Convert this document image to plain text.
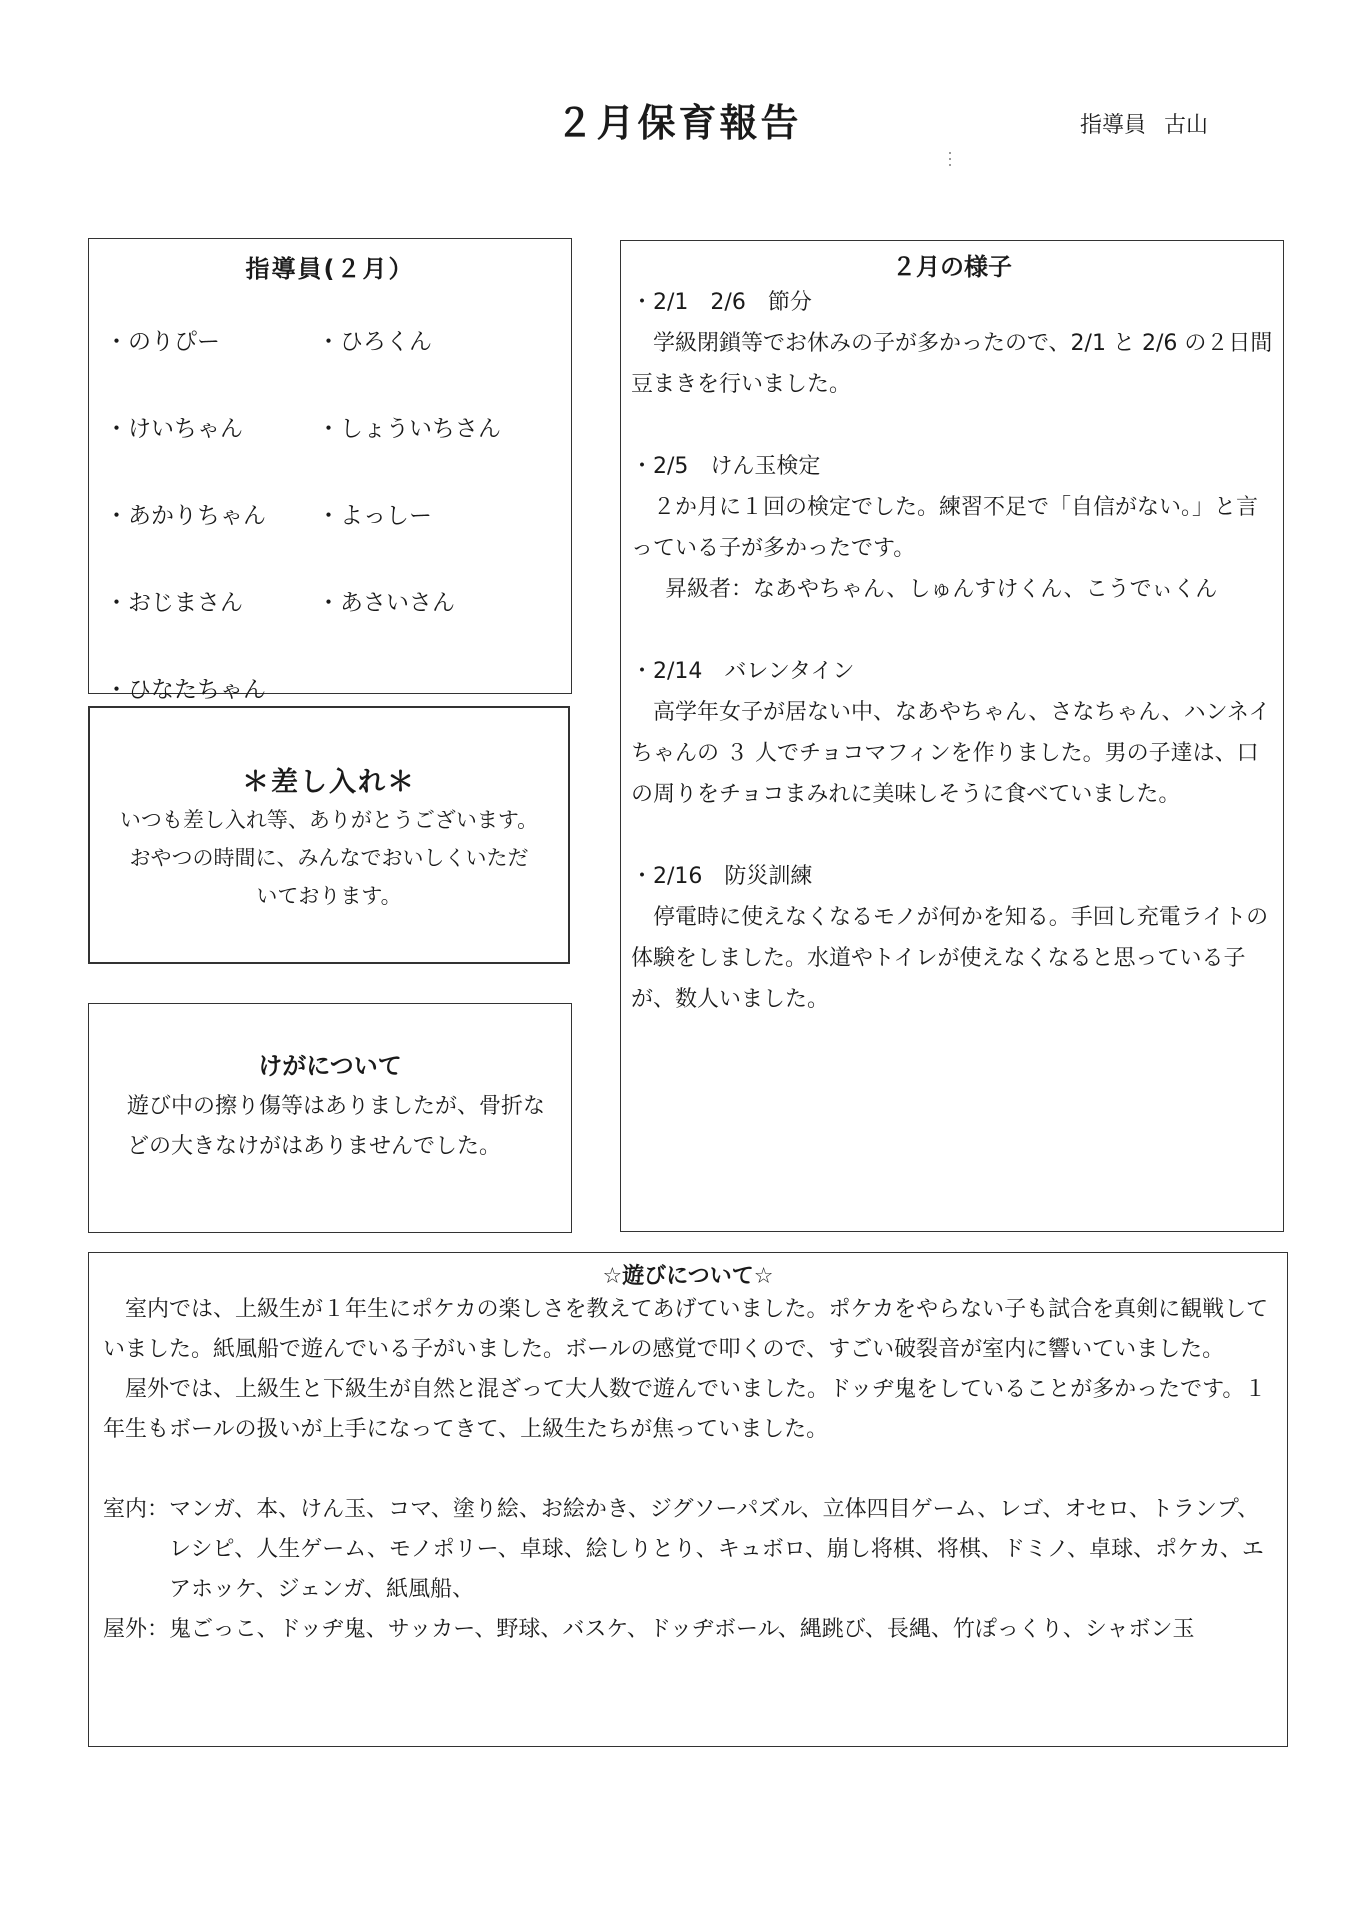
２月保育報告	指導員 古山
指導員(２月）
・のりぴー	・ひろくん
・けいちゃん	・しょういちさん
・あかりちゃん	・よっしー
・おじまさん	・あさいさん
・ひなたちゃん
＊差し入れ＊
いつも差し入れ等、ありがとうございます。
おやつの時間に、みんなでおいしくいただ
いております。
けがについて
遊び中の擦り傷等はありましたが、骨折などの大きなけがはありませんでした。
２月の様子
・2/1　2/6　節分
学級閉鎖等でお休みの子が多かったので、2/1 と 2/6 の２日間豆まきを行いました。
・2/5　けん玉検定
２か月に１回の検定でした。練習不足で「自信がない。」と言っている子が多かったです。
昇級者：なあやちゃん、しゅんすけくん、こうでぃくん
・2/14　バレンタイン
高学年女子が居ない中、なあやちゃん、さなちゃん、ハンネイちゃんの ３ 人でチョコマフィンを作りました。男の子達は、口の周りをチョコまみれに美味しそうに食べていました。
・2/16　防災訓練
停電時に使えなくなるモノが何かを知る。手回し充電ライトの体験をしました。水道やトイレが使えなくなると思っている子が、数人いました。
☆遊びについて☆
室内では、上級生が１年生にポケカの楽しさを教えてあげていました。ポケカをやらない子も試合を真剣に観戦していました。紙風船で遊んでいる子がいました。ボールの感覚で叩くので、すごい破裂音が室内に響いていました。
屋外では、上級生と下級生が自然と混ざって大人数で遊んでいました。ドッヂ鬼をしていることが多かったです。１年生もボールの扱いが上手になってきて、上級生たちが焦っていました。
室内： マンガ、本、けん玉、コマ、塗り絵、お絵かき、ジグソーパズル、立体四目ゲーム、レゴ、オセロ、トランプ、レシピ、人生ゲーム、モノポリー、卓球、絵しりとり、キュボロ、崩し将棋、将棋、ドミノ、卓球、ポケカ、エアホッケ、ジェンガ、紙風船、
屋外： 鬼ごっこ、ドッヂ鬼、サッカー、野球、バスケ、ドッヂボール、縄跳び、長縄、竹ぽっくり、シャボン玉
